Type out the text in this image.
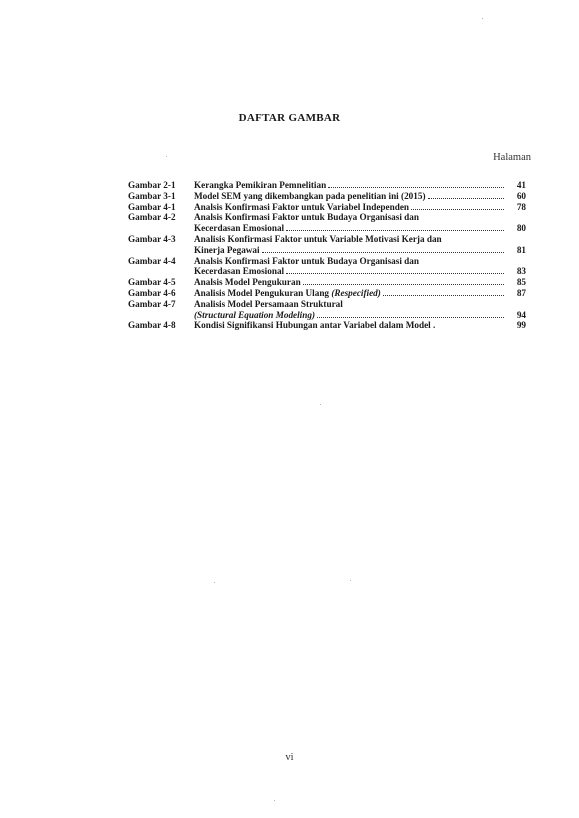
DAFTAR GAMBAR
Halaman
Gambar 2-1	Kerangka Pemikiran Pemnelitian	41
Gambar 3-1	Model SEM yang dikembangkan pada penelitian ini (2015)	60
Gambar 4-1	Analsis Konfirmasi Faktor untuk Variabel Independen	78
Gambar 4-2	Analsis Konfirmasi Faktor untuk Budaya Organisasi dan
Kecerdasan Emosional	80
Gambar 4-3	Analisis Konfirmasi Faktor untuk Variable Motivasi Kerja dan
Kinerja Pegawai	81
Gambar 4-4	Analsis Konfirmasi Faktor untuk Budaya Organisasi dan
Kecerdasan Emosional	83
Gambar 4-5	Analsis Model Pengukuran	85
Gambar 4-6	Analisis Model Pengukuran Ulang (Respecified)	87
Gambar 4-7	Analisis Model Persamaan Struktural
(Structural Equation Modeling)	94
Gambar 4-8	Kondisi Signifikansi Hubungan antar Variabel dalam Model .	99
vi
